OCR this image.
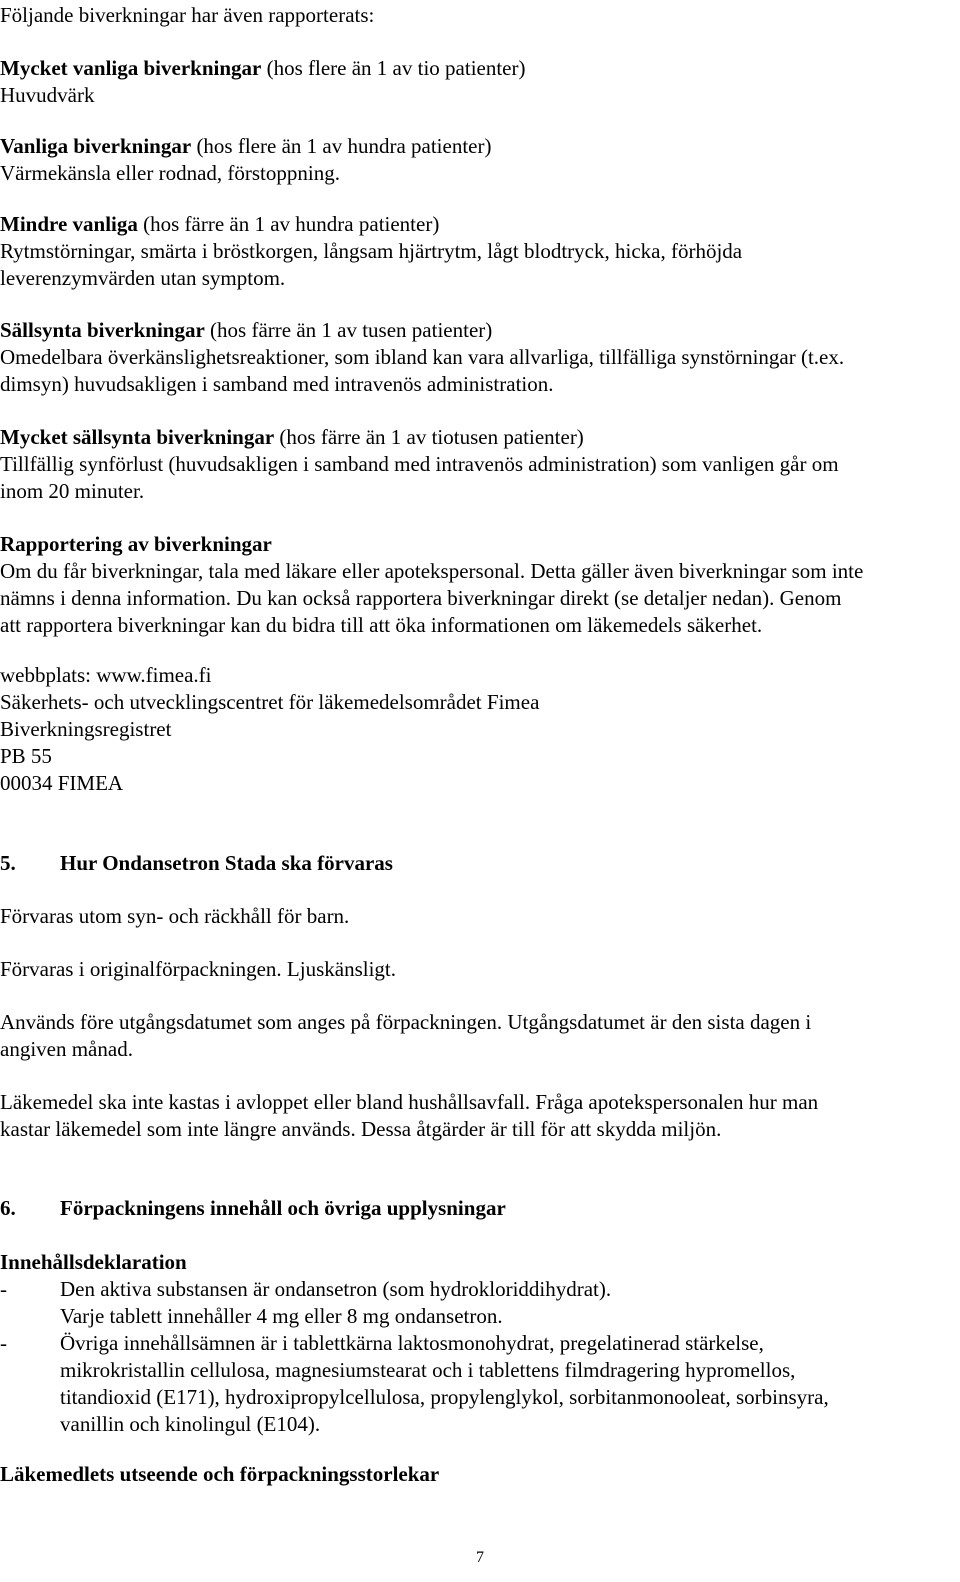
Följande biverkningar har även rapporterats:
Mycket vanliga biverkningar (hos flere än 1 av tio patienter)
Huvudvärk
Vanliga biverkningar (hos flere än 1 av hundra patienter)
Värmekänsla eller rodnad, förstoppning.
Mindre vanliga (hos färre än 1 av hundra patienter)
Rytmstörningar, smärta i bröstkorgen, långsam hjärtrytm, lågt blodtryck, hicka, förhöjda
leverenzymvärden utan symptom.
Sällsynta biverkningar (hos färre än 1 av tusen patienter)
Omedelbara överkänslighetsreaktioner, som ibland kan vara allvarliga, tillfälliga synstörningar (t.ex.
dimsyn) huvudsakligen i samband med intravenös administration.
Mycket sällsynta biverkningar (hos färre än 1 av tiotusen patienter)
Tillfällig synförlust (huvudsakligen i samband med intravenös administration) som vanligen går om
inom 20 minuter.
Rapportering av biverkningar
Om du får biverkningar, tala med läkare eller apotekspersonal. Detta gäller även biverkningar som inte
nämns i denna information. Du kan också rapportera biverkningar direkt (se detaljer nedan). Genom
att rapportera biverkningar kan du bidra till att öka informationen om läkemedels säkerhet.
webbplats: www.fimea.fi
Säkerhets- och utvecklingscentret för läkemedelsområdet Fimea
Biverkningsregistret
PB 55
00034 FIMEA
5. Hur Ondansetron Stada ska förvaras
Förvaras utom syn- och räckhåll för barn.
Förvaras i originalförpackningen. Ljuskänsligt.
Används före utgångsdatumet som anges på förpackningen. Utgångsdatumet är den sista dagen i
angiven månad.
Läkemedel ska inte kastas i avloppet eller bland hushållsavfall. Fråga apotekspersonalen hur man
kastar läkemedel som inte längre används. Dessa åtgärder är till för att skydda miljön.
6. Förpackningens innehåll och övriga upplysningar
Innehållsdeklaration
-	Den aktiva substansen är ondansetron (som hydrokloriddihydrat).
Varje tablett innehåller 4 mg eller 8 mg ondansetron.
-	Övriga innehållsämnen är i tablettkärna laktosmonohydrat, pregelatinerad stärkelse,
mikrokristallin cellulosa, magnesiumstearat och i tablettens filmdragering hypromellos,
titandioxid (E171), hydroxipropylcellulosa, propylenglykol, sorbitanmonooleat, sorbinsyra,
vanillin och kinolingul (E104).
Läkemedlets utseende och förpackningsstorlekar
7
